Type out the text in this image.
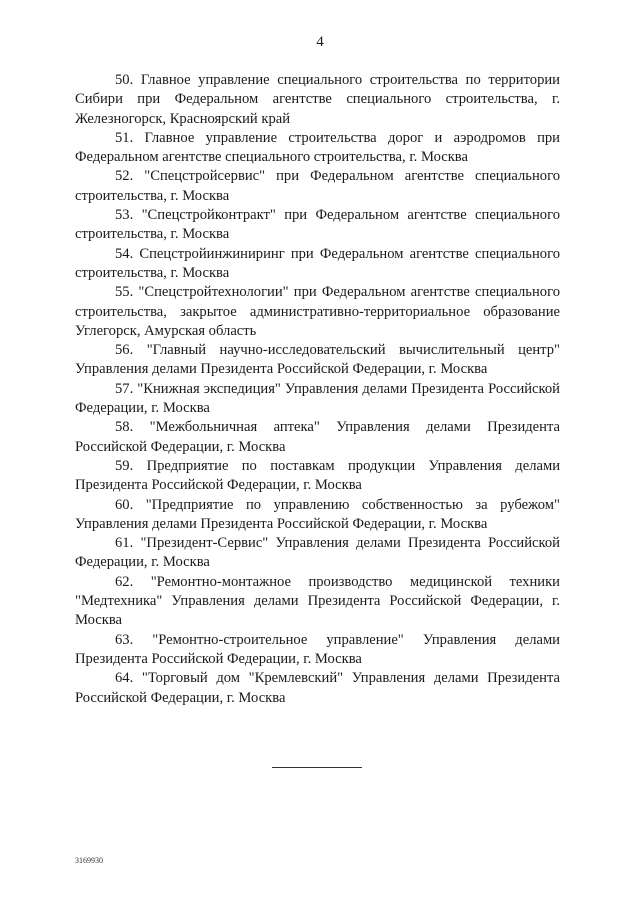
4

50. Главное управление специального строительства по территории Сибири при Федеральном агентстве специального строительства, г. Железногорск, Красноярский край

51. Главное управление строительства дорог и аэродромов при Федеральном агентстве специального строительства, г. Москва

52. "Спецстройсервис" при Федеральном агентстве специального строительства, г. Москва

53. "Спецстройконтракт" при Федеральном агентстве специального строительства, г. Москва

54. Спецстройинжиниринг при Федеральном агентстве специального строительства, г. Москва

55. "Спецстройтехнологии" при Федеральном агентстве специального строительства, закрытое административно-территориальное образование Углегорск, Амурская область

56. "Главный научно-исследовательский вычислительный центр" Управления делами Президента Российской Федерации, г. Москва

57. "Книжная экспедиция" Управления делами Президента Российской Федерации, г. Москва

58. "Межбольничная аптека" Управления делами Президента Российской Федерации, г. Москва

59. Предприятие по поставкам продукции Управления делами Президента Российской Федерации, г. Москва

60. "Предприятие по управлению собственностью за рубежом" Управления делами Президента Российской Федерации, г. Москва

61. "Президент-Сервис" Управления делами Президента Российской Федерации, г. Москва

62. "Ремонтно-монтажное производство медицинской техники "Медтехника" Управления делами Президента Российской Федерации, г. Москва

63. "Ремонтно-строительное управление" Управления делами Президента Российской Федерации, г. Москва

64. "Торговый дом "Кремлевский" Управления делами Президента Российской Федерации, г. Москва

3169930
